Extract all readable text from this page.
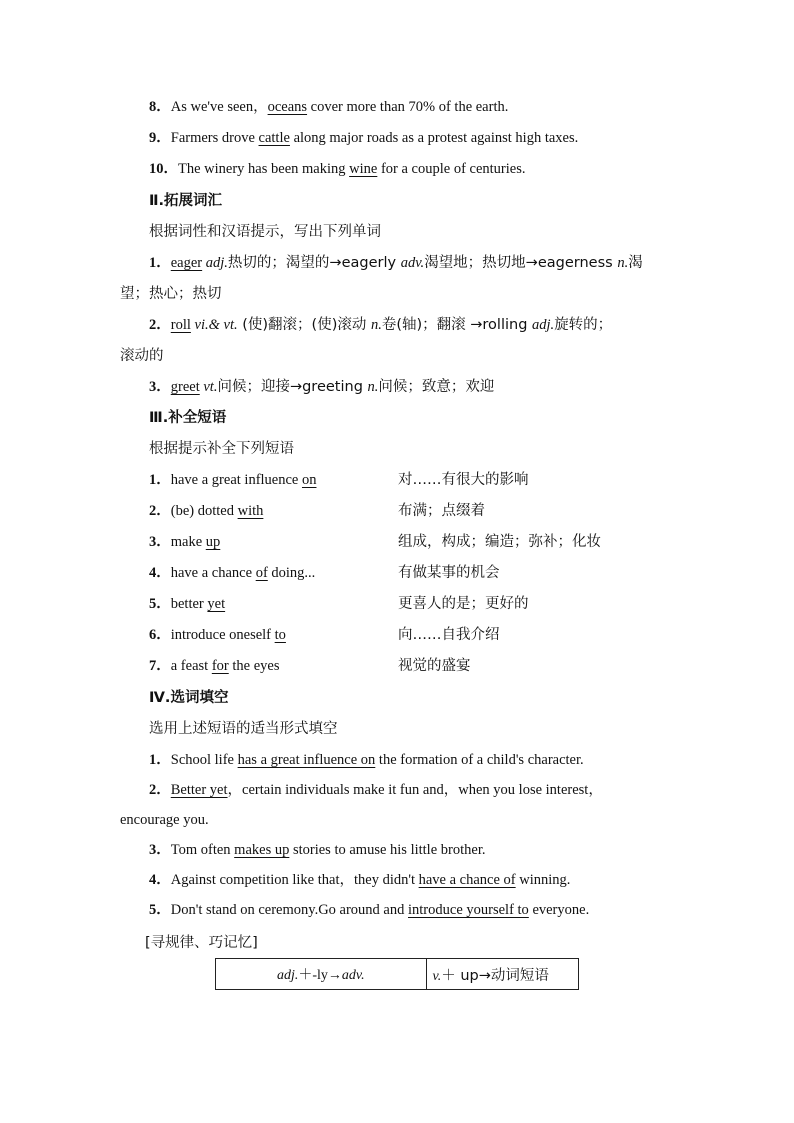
8．As we've seen，oceans cover more than 70% of the earth.
9．Farmers drove cattle along major roads as a protest against high taxes.
10．The winery has been making wine for a couple of centuries.
Ⅱ.拓展词汇
根据词性和汉语提示，写出下列单词
1．eager adj.热切的；渴望的→eagerly adv.渴望地；热切地→eagerness n.渴
望；热心；热切
2．roll vi.& vt. (使)翻滚；(使)滚动 n.卷(轴)；翻滚 →rolling adj.旋转的；
滚动的
3．greet vt.问候；迎接→greeting n.问候；致意；欢迎
Ⅲ.补全短语
根据提示补全下列短语
1．have a great influence on	对……有很大的影响
2．(be) dotted with	布满；点缀着
3．make up	组成，构成；编造；弥补；化妆
4．have a chance of doing...	有做某事的机会
5．better yet	更喜人的是；更好的
6．introduce oneself to	向……自我介绍
7．a feast for the eyes	视觉的盛宴
Ⅳ.选词填空
选用上述短语的适当形式填空
1．School life has a great influence on the formation of a child's character.
2．Better yet，certain individuals make it fun and，when you lose interest，
encourage you.
3．Tom often makes up stories to amuse his little brother.
4．Against competition like that，they didn't have a chance of winning.
5．Don't stand on ceremony.Go around and introduce yourself to everyone.
[寻规律、巧记忆]
adj.＋-ly→adv.	v.＋ up→动词短语
